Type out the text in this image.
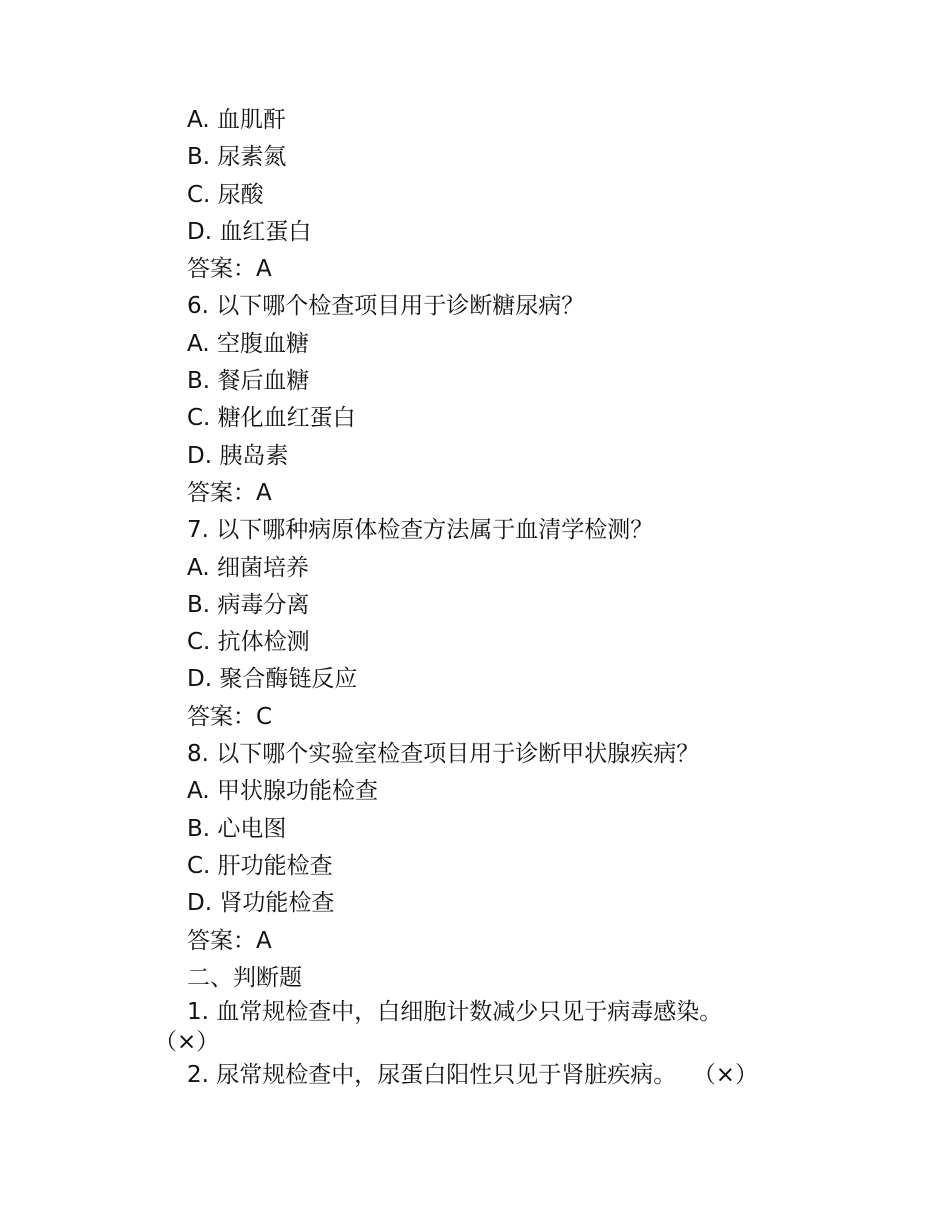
A. 血肌酐
B. 尿素氮
C. 尿酸
D. 血红蛋白
答案：A
6. 以下哪个检查项目用于诊断糖尿病？
A. 空腹血糖
B. 餐后血糖
C. 糖化血红蛋白
D. 胰岛素
答案：A
7. 以下哪种病原体检查方法属于血清学检测？
A. 细菌培养
B. 病毒分离
C. 抗体检测
D. 聚合酶链反应
答案：C
8. 以下哪个实验室检查项目用于诊断甲状腺疾病？
A. 甲状腺功能检查
B. 心电图
C. 肝功能检查
D. 肾功能检查
答案：A
二、判断题
1. 血常规检查中，白细胞计数减少只见于病毒感染。
（×）
2. 尿常规检查中，尿蛋白阳性只见于肾脏疾病。 （×）
